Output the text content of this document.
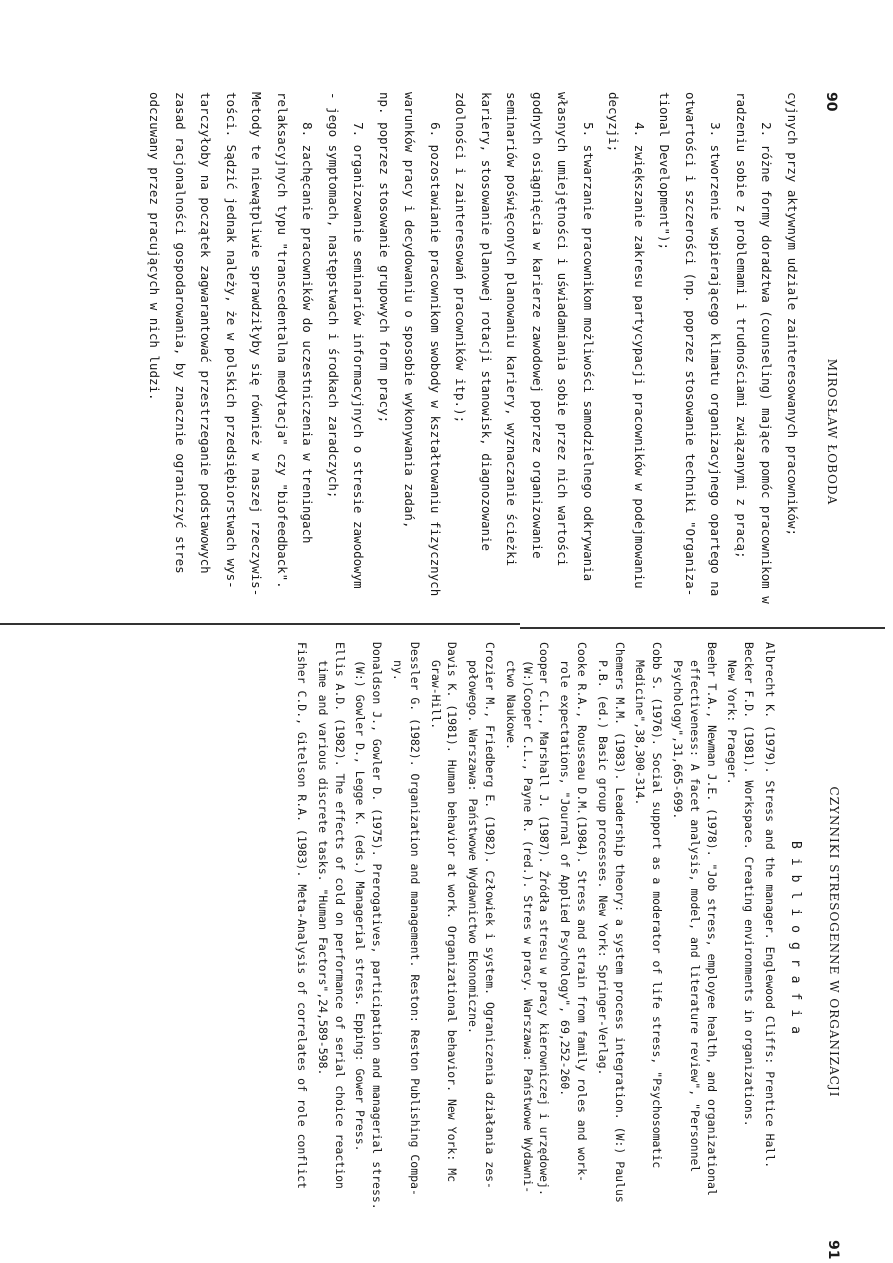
90
MIROSŁAW ŁOBODA
cyjnych przy aktywnym udziale zainteresowanych pracowników;
2. różne formy doradztwa (counseling) mające pomóc pracownikom w
radzeniu sobie z problemami i trudnościami związanymi z pracą;
3. stworzenie wspierającego klimatu organizacyjnego opartego na
otwartości i szczerości (np. poprzez stosowanie techniki "Organiza-
tional Development");
4. zwiększanie zakresu partycypacji pracowników w podejmowaniu
decyzji;
5. stwarzanie pracownikom możliwości samodzielnego odkrywania
własnych umiejętności i uświadamiania sobie przez nich wartości
godnych osiągnięcia w karierze zawodowej poprzez organizowanie
seminariów poświęconych planowaniu kariery, wyznaczanie ścieżki
kariery, stosowanie planowej rotacji stanowisk, diagnozowanie
zdolności i zainteresowań pracowników itp.);
6. pozostawianie pracownikom swobody w kształtowaniu fizycznych
warunków pracy i decydowaniu o sposobie wykonywania zadań,
np. poprzez stosowanie grupowych form pracy;
7. organizowanie seminariów informacyjnych o stresie zawodowym
- jego symptomach, następstwach i środkach zaradczych;
8. zachęcanie pracowników do uczestniczenia w treningach
relaksacyjnych typu "transcedentalna medytacja" czy "biofeedback".
Metody te niewątpliwie sprawdziłyby się również w naszej rzeczywis-
tości. Sądzić jednak należy, że w polskich przedsiębiorstwach wys-
tarczyłoby na początek zagwarantować przestrzeganie podstawowych
zasad racjonalności gospodarowania, by znacznie ograniczyć stres
odczuwany przez pracujących w nich ludzi.
CZYNNIKI STRESOGENNE W ORGANIZACJI
91
Bibliografia
Albrecht K. (1979). Stress and the manager. Englewood Cliffs: Prentice Hall.
Becker F.D. (1981). Workspace. Creating environments in organizations.
New York: Praeger.
Beehr T.A., Newman J.E. (1978). "Job stress, employee health, and organizational
effectiveness: A facet analysis, model, and literature review", "Personnel
Psychology",31,665-699.
Cobb S. (1976). Social support as a moderator of life stress, "Psychosomatic
Medicine",38,300-314.
Chemers M.M. (1983). Leadership theory: a system process integration. (W:) Paulus
P.B. (ed.) Basic group processes. New York: Springer-Verlag.
Cooke R.A., Rousseau D.M.(1984). Stress and strain from family roles and work-
role expectations, "Journal of Applied Psychology", 69,252-260.
Cooper C.L., Marshall J. (1987). Źródła stresu w pracy kierowniczej i urzędowej.
(W:)Cooper C.L., Payne R. (red.). Stres w pracy. Warszawa: Państwowe Wydawni-
ctwo Naukowe.
Crozier M., Friedberg E. (1982). Człowiek i system. Ograniczenia działania zes-
połowego. Warszawa: Państwowe Wydawnictwo Ekonomiczne.
Davis K. (1981). Human behavior at work. Organizational behavior. New York: Mc
Graw-Hill.
Dessler G. (1982). Organization and management. Reston: Reston Publishing Compa-
ny.
Donaldson J., Gowler D. (1975). Prerogatives, participation and managerial stress.
(W:) Gowler D., Legge K. (eds.) Managerial stress. Epping: Gower Press.
Ellis A.D. (1982). The effects of cold on performance of serial choice reaction
time and various discrete tasks. "Human Factors",24,589-598.
Fisher C.D., Gitelson R.A. (1983). Meta-Analysis of correlates of role conflict
